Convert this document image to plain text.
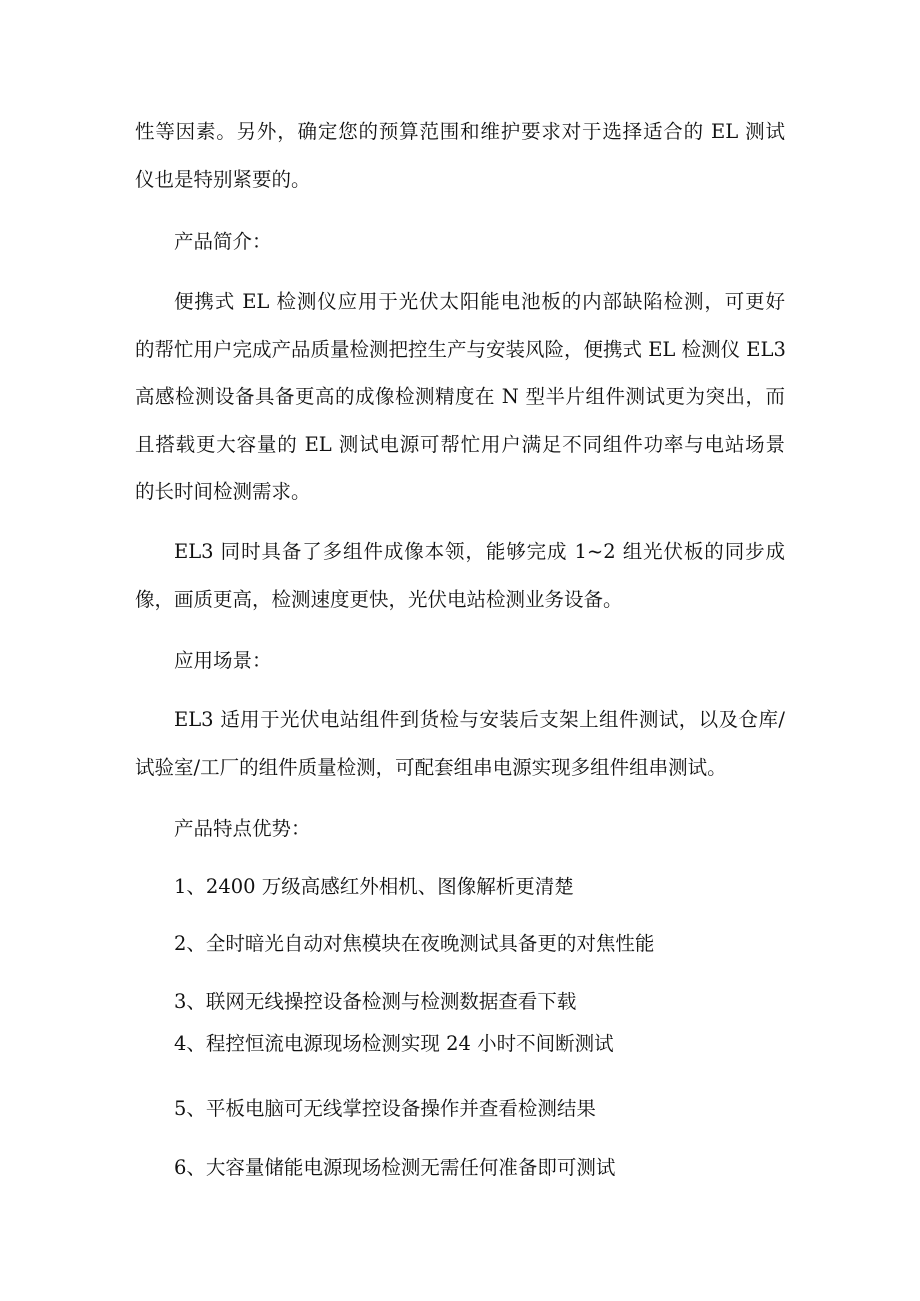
性等因素。另外，确定您的预算范围和维护要求对于选择适合的 EL 测试
仪也是特别紧要的。
产品简介：
便携式 EL 检测仪应用于光伏太阳能电池板的内部缺陷检测，可更好
的帮忙用户完成产品质量检测把控生产与安装风险，便携式 EL 检测仪 EL3
高感检测设备具备更高的成像检测精度在 N 型半片组件测试更为突出，而
且搭载更大容量的 EL 测试电源可帮忙用户满足不同组件功率与电站场景
的长时间检测需求。
EL3 同时具备了多组件成像本领，能够完成 1~2 组光伏板的同步成
像，画质更高，检测速度更快，光伏电站检测业务设备。
应用场景：
EL3 适用于光伏电站组件到货检与安装后支架上组件测试，以及仓库/
试验室/工厂的组件质量检测，可配套组串电源实现多组件组串测试。
产品特点优势：
1、2400 万级高感红外相机、图像解析更清楚
2、全时暗光自动对焦模块在夜晚测试具备更的对焦性能
3、联网无线操控设备检测与检测数据查看下载
4、程控恒流电源现场检测实现 24 小时不间断测试
5、平板电脑可无线掌控设备操作并查看检测结果
6、大容量储能电源现场检测无需任何准备即可测试
